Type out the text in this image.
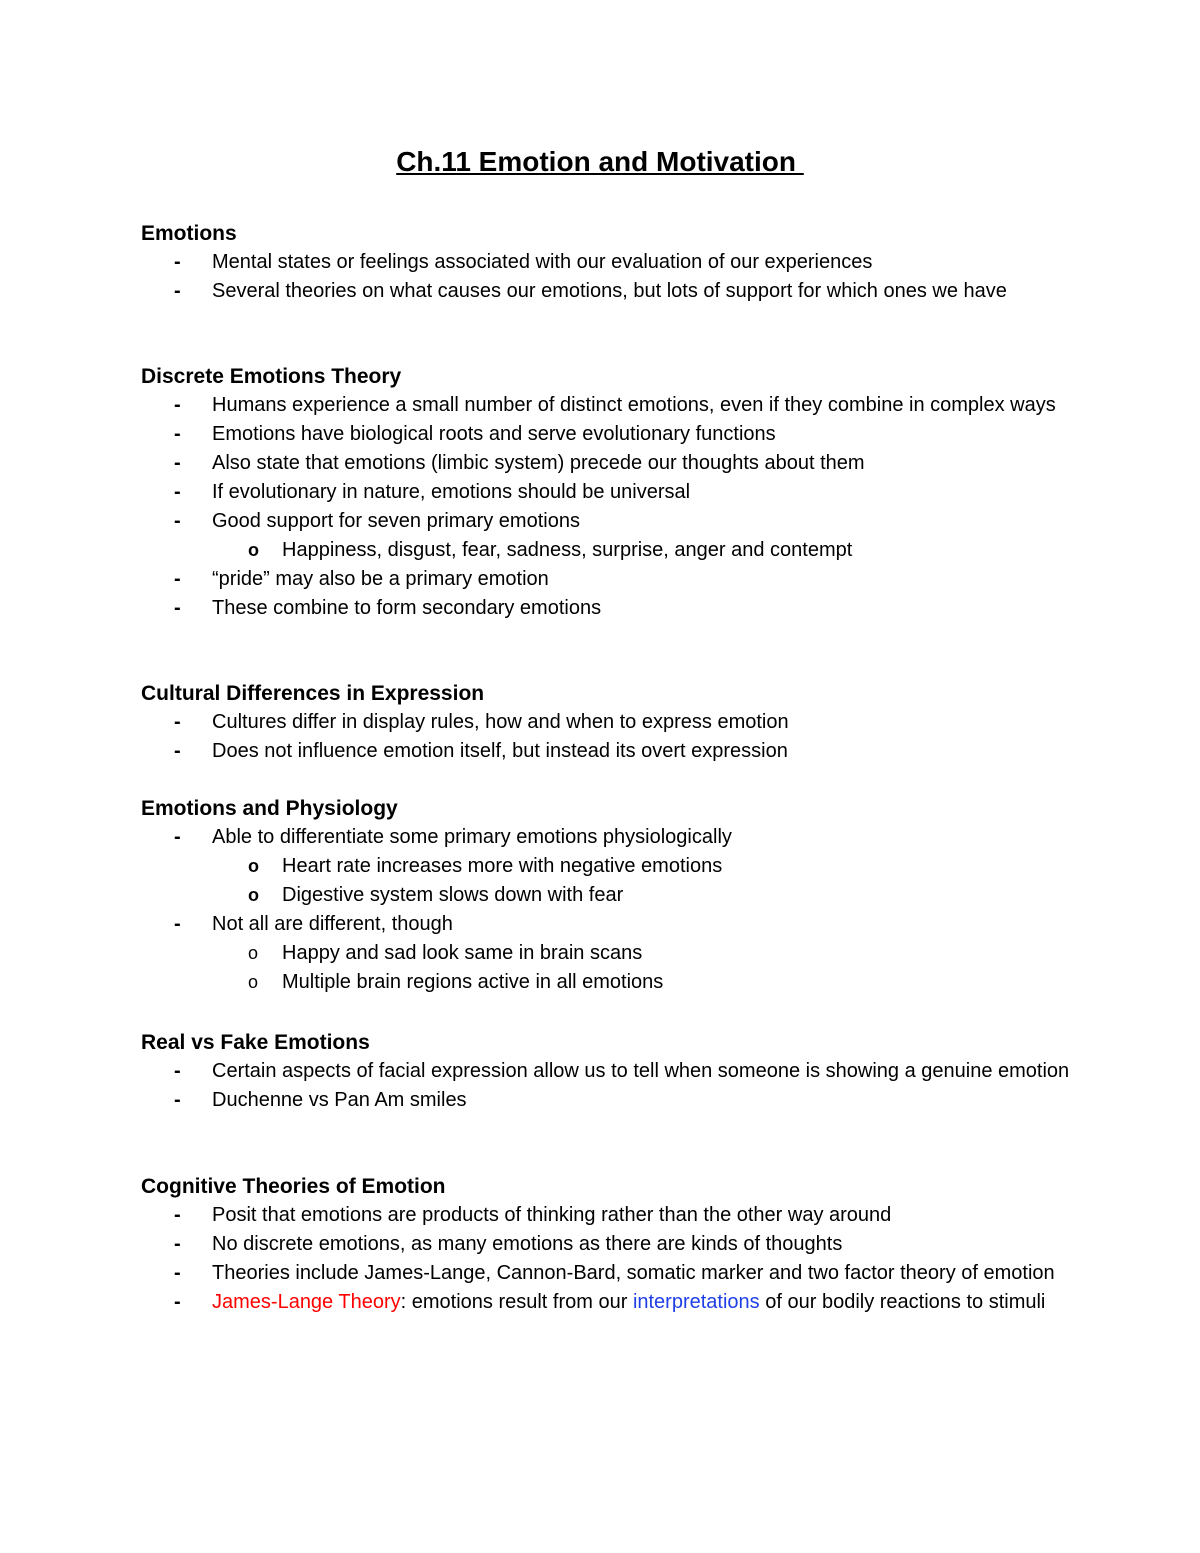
Ch.11 Emotion and Motivation

Emotions

- Mental states or feelings associated with our evaluation of our experiences
- Several theories on what causes our emotions, but lots of support for which ones we have

Discrete Emotions Theory

- Humans experience a small number of distinct emotions, even if they combine in complex ways
- Emotions have biological roots and serve evolutionary functions
- Also state that emotions (limbic system) precede our thoughts about them
- If evolutionary in nature, emotions should be universal
- Good support for seven primary emotions
o Happiness, disgust, fear, sadness, surprise, anger and contempt
- “pride” may also be a primary emotion
- These combine to form secondary emotions

Cultural Differences in Expression

- Cultures differ in display rules, how and when to express emotion
- Does not influence emotion itself, but instead its overt expression

Emotions and Physiology

- Able to differentiate some primary emotions physiologically
o Heart rate increases more with negative emotions
o Digestive system slows down with fear
- Not all are different, though
o Happy and sad look same in brain scans
o Multiple brain regions active in all emotions

Real vs Fake Emotions

- Certain aspects of facial expression allow us to tell when someone is showing a genuine emotion
- Duchenne vs Pan Am smiles

Cognitive Theories of Emotion

- Posit that emotions are products of thinking rather than the other way around
- No discrete emotions, as many emotions as there are kinds of thoughts
- Theories include James-Lange, Cannon-Bard, somatic marker and two factor theory of emotion
- James-Lange Theory: emotions result from our interpretations of our bodily reactions to stimuli
